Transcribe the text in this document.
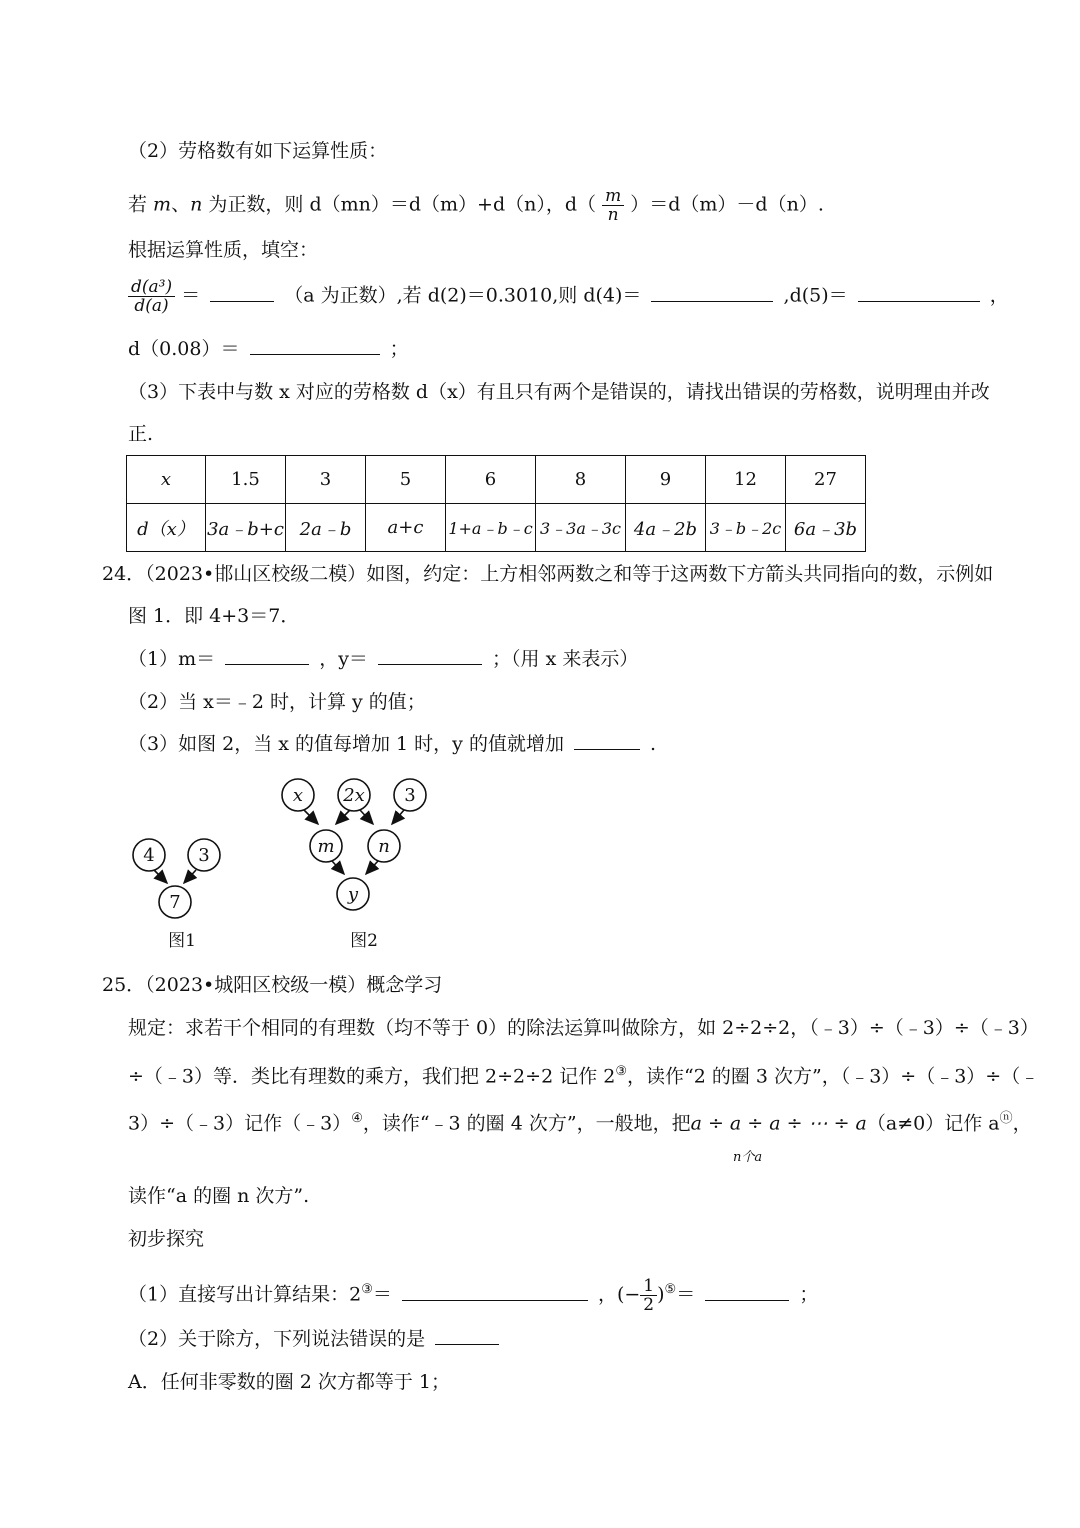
（2）劳格数有如下运算性质：
若 m、n 为正数，则 d（mn）＝d（m）+d（n），$d( \frac{m}{n} )=d(m)-d(n)$.
根据运算性质，填空：
$\frac{\text{d(a³)}}{d(a)}$ ＝	（a 为正数）,若 d(2)＝0.3010,则 d(4)＝	,d(5)＝	，
d（0.08）＝	；
（3）下表中与数 x 对应的劳格数 d（x）有且只有两个是错误的，请找出错误的劳格数，说明理由并改
正.
x	1.5	3	5	6	8	9	12	27
d（x）	3a﹣b+c	2a﹣b	a+c	1+a﹣b﹣c	3﹣3a﹣3c	4a﹣2b	3﹣b﹣2c	6a﹣3b
24．（2023•邯山区校级二模）如图，约定：上方相邻两数之和等于这两数下方箭头共同指向的数，示例如
图 1．即 4+3＝7．
（1）m＝	，y＝	；（用 x 来表示）
（2）当 x＝﹣2 时，计算 y 的值；
（3）如图 2，当 x 的值每增加 1 时，y 的值就增加	.
4 3
7
图1
x 2x 3
m n
y
图2
25．（2023•城阳区校级一模）概念学习
规定：求若干个相同的有理数（均不等于 0）的除法运算叫做除方，如 2÷2÷2，（﹣3）÷（﹣3）÷（﹣3）
÷（﹣3）等．类比有理数的乘方，我们把 2÷2÷2 记作 2③，读作“2 的圈 3 次方”，（﹣3）÷（﹣3）÷（﹣
3）÷（﹣3）记作（﹣3）④，读作“﹣3 的圈 4 次方”，一般地，把a ÷ a ÷ a ÷ ⋯ ÷ a（a≠0）记作 aⓝ，
n个a
读作“a 的圈 n 次方”.
初步探究
（1）直接写出计算结果：2③＝	，(− $\frac{1}{2} )^⑤=$	；
（2）关于除方，下列说法错误的是
A．任何非零数的圈 2 次方都等于 1；
